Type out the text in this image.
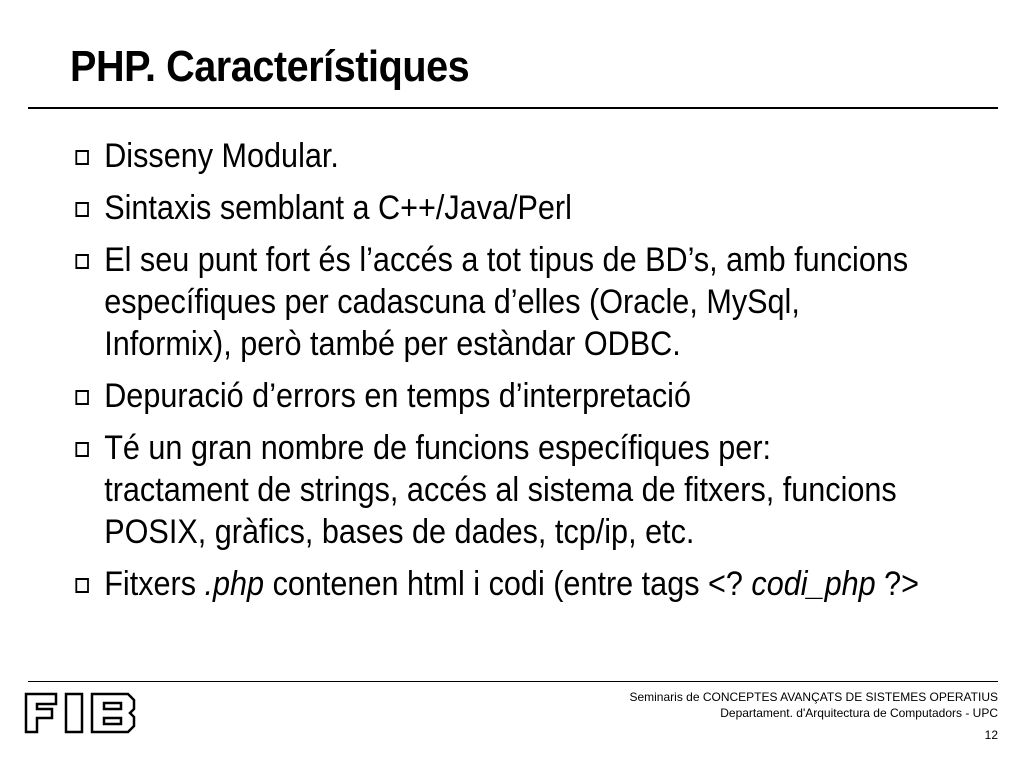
PHP. Característiques
Disseny Modular.
Sintaxis semblant a C++/Java/Perl
El seu punt fort és l’accés a tot tipus de BD’s, amb funcions
específiques per cadascuna d’elles (Oracle, MySql,
Informix), però també per estàndar ODBC.
Depuració d’errors en temps d’interpretació
Té un gran nombre de funcions específiques per:
tractament de strings, accés al sistema de fitxers, funcions
POSIX, gràfics, bases de dades, tcp/ip, etc.
Fitxers .php contenen html i codi (entre tags <? codi_php ?>
Seminaris de CONCEPTES AVANÇATS DE SISTEMES OPERATIUS
Departament. d'Arquitectura de Computadors - UPC
12
